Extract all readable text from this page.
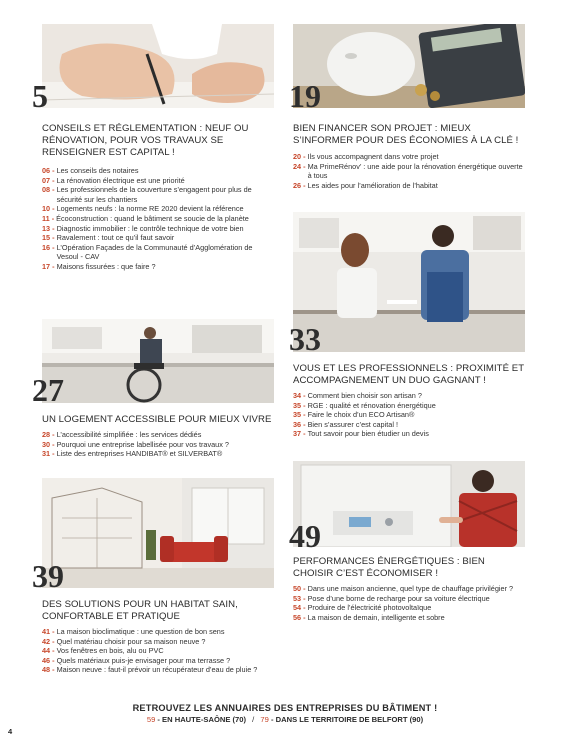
5
CONSEILS ET RÉGLEMENTATION : NEUF OU RÉNOVATION, POUR VOS TRAVAUX SE RENSEIGNER EST CAPITAL !
06 - Les conseils des notaires
07 - La rénovation électrique est une priorité
08 - Les professionnels de la couverture s’engagent pour plus de sécurité sur les chantiers
10 - Logements neufs : la norme RE 2020 devient la référence
11 - Écoconstruction : quand le bâtiment se soucie de la planète
13 - Diagnostic immobilier : le contrôle technique de votre bien
15 - Ravalement : tout ce qu’il faut savoir
16 - L’Opération Façades de la Communauté d’Agglomération de Vesoul - CAV
17 - Maisons fissurées : que faire ?
27
UN LOGEMENT ACCESSIBLE POUR MIEUX VIVRE
28 - L’accessibilité simplifiée : les services dédiés
30 - Pourquoi une entreprise labellisée pour vos travaux ?
31 - Liste des entreprises HANDIBAT® et SILVERBAT®
39
DES SOLUTIONS POUR UN HABITAT SAIN, CONFORTABLE ET PRATIQUE
41 - La maison bioclimatique : une question de bon sens
42 - Quel matériau choisir pour sa maison neuve ?
44 - Vos fenêtres en bois, alu ou PVC
46 - Quels matériaux puis-je envisager pour ma terrasse ?
48 - Maison neuve : faut-il prévoir un récupérateur d’eau de pluie ?
19
BIEN FINANCER SON PROJET : MIEUX S’INFORMER POUR DES ÉCONOMIES À LA CLÉ !
20 - Ils vous accompagnent dans votre projet
24 - Ma PrimeRénov’ : une aide pour la rénovation énergétique ouverte à tous
26 - Les aides pour l’amélioration de l’habitat
33
VOUS ET LES PROFESSIONNELS : PROXIMITÉ ET ACCOMPAGNEMENT UN DUO GAGNANT !
34 - Comment bien choisir son artisan ?
35 - RGE : qualité et rénovation énergétique
35 - Faire le choix d’un ECO Artisan®
36 - Bien s’assurer c’est capital !
37 - Tout savoir pour bien étudier un devis
49
PERFORMANCES ÉNERGÉTIQUES : BIEN CHOISIR C’EST ÉCONOMISER !
50 - Dans une maison ancienne, quel type de chauffage privilégier ?
53 - Pose d’une borne de recharge pour sa voiture électrique
54 - Produire de l’électricité photovoltaïque
56 - La maison de demain, intelligente et sobre
RETROUVEZ LES ANNUAIRES DES ENTREPRISES DU BÂTIMENT !
59 - EN HAUTE-SAÔNE (70) / 79 - DANS LE TERRITOIRE DE BELFORT (90)
4
